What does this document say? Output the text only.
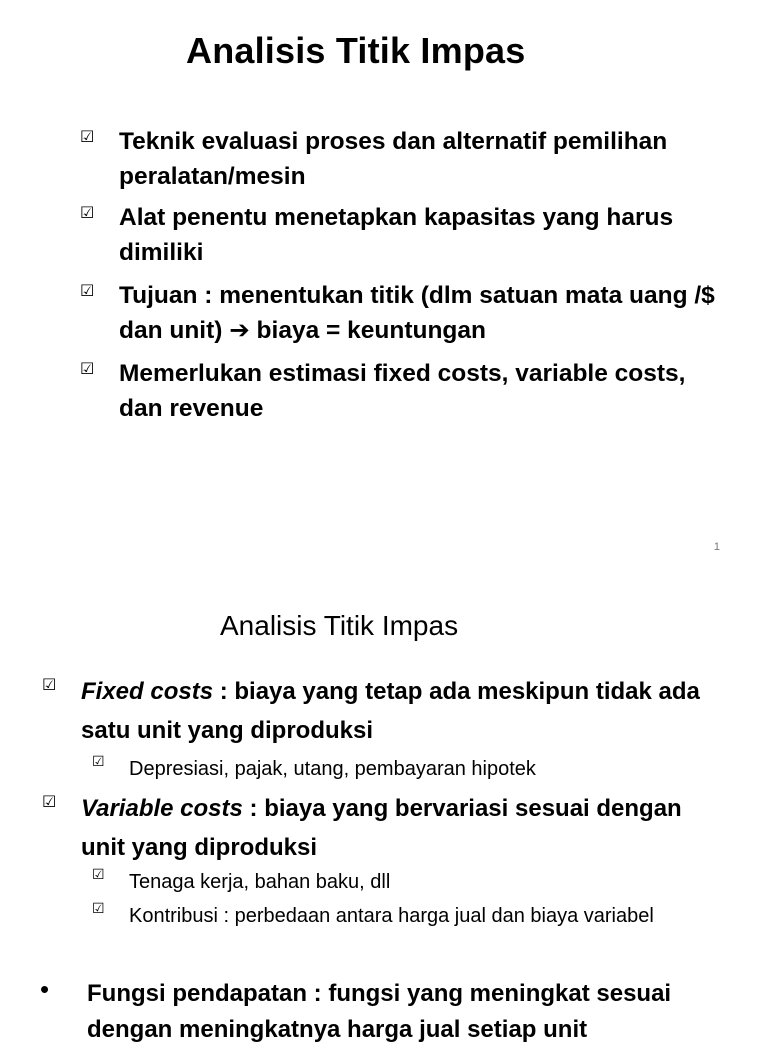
Analisis Titik Impas
☑ Teknik evaluasi proses dan alternatif pemilihan peralatan/mesin
☑ Alat penentu menetapkan kapasitas yang harus dimiliki
☑ Tujuan : menentukan titik (dlm satuan mata uang /$ dan unit) ➔ biaya = keuntungan
☑ Memerlukan estimasi fixed costs, variable costs, dan revenue
1
Analisis Titik Impas
☑ Fixed costs : biaya yang tetap ada meskipun tidak ada satu unit yang diproduksi
☑ Depresiasi, pajak, utang, pembayaran hipotek
☑ Variable costs : biaya yang bervariasi sesuai dengan unit yang diproduksi
☑ Tenaga kerja, bahan baku, dll
☑ Kontribusi : perbedaan antara harga jual dan biaya variabel
• Fungsi pendapatan : fungsi yang meningkat sesuai dengan meningkatnya harga jual setiap unit
